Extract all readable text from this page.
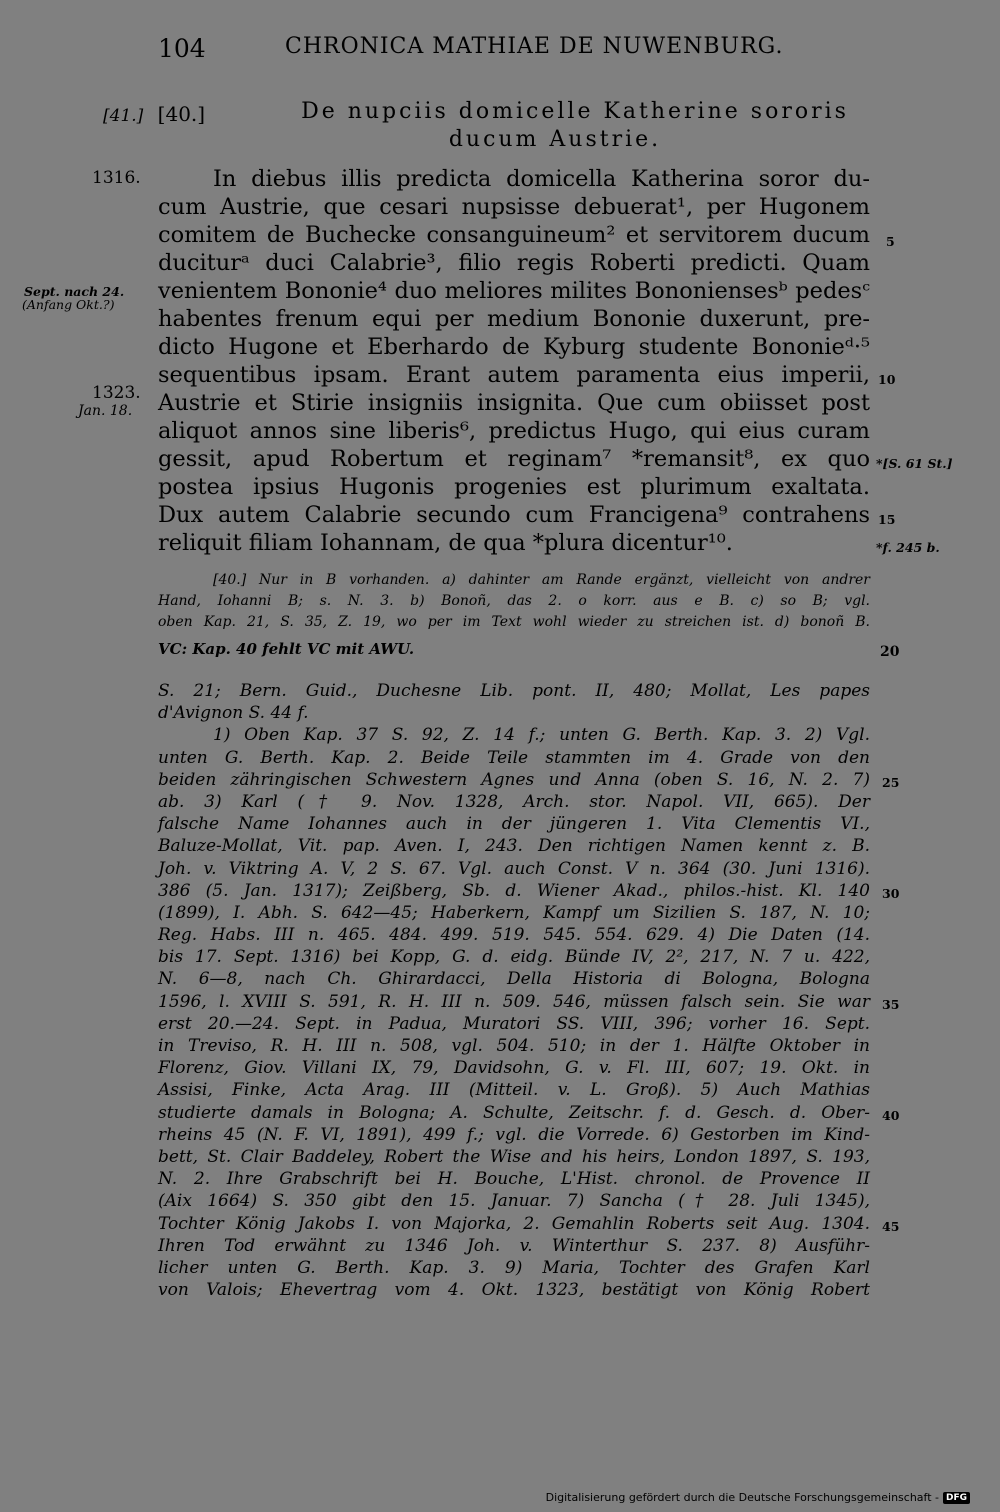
104	CHRONICA MATHIAE DE NUWENBURG.
[41.] [40.]	De nupciis domicelle Katherine sororis
ducum Austrie.
In diebus illis predicta domicella Katherina soror du-
cum Austrie, que cesari nupsisse debuerat¹, per Hugonem
comitem de Buchecke consanguineum² et servitorem ducum
duciturᵃ duci Calabrie³, filio regis Roberti predicti. Quam
venientem Bononie⁴ duo meliores milites Bononiensesᵇ pedesᶜ
habentes frenum equi per medium Bononie duxerunt, pre-
dicto Hugone et Eberhardo de Kyburg studente Bononieᵈ·⁵
sequentibus ipsam. Erant autem paramenta eius imperii,
Austrie et Stirie insigniis insignita. Que cum obiisset post
aliquot annos sine liberis⁶, predictus Hugo, qui eius curam
gessit, apud Robertum et reginam⁷ *remansit⁸, ex quo
postea ipsius Hugonis progenies est plurimum exaltata.
Dux autem Calabrie secundo cum Francigena⁹ contrahens
reliquit filiam Iohannam, de qua *plura dicentur¹⁰.
1316.
Sept. nach 24.
(Anfang Okt.?)
1323.
Jan. 18.
5
10
*[S. 61 St.]
15
*f. 245 b.
[40.] Nur in B vorhanden. a) dahinter am Rande ergänzt, vielleicht von andrer
Hand, Iohanni B; s. N. 3. b) Bonoñ, das 2. o korr. aus e B. c) so B; vgl.
oben Kap. 21, S. 35, Z. 19, wo per im Text wohl wieder zu streichen ist. d) bonoñ B.
VC: Kap. 40 fehlt VC mit AWU.	20
S. 21; Bern. Guid., Duchesne Lib. pont. II, 480; Mollat, Les papes
d'Avignon S. 44 f.
1) Oben Kap. 37 S. 92, Z. 14 f.; unten G. Berth. Kap. 3. 2) Vgl.
unten G. Berth. Kap. 2. Beide Teile stammten im 4. Grade von den
beiden zähringischen Schwestern Agnes und Anna (oben S. 16, N. 2. 7)
ab. 3) Karl († 9. Nov. 1328, Arch. stor. Napol. VII, 665). Der
falsche Name Iohannes auch in der jüngeren 1. Vita Clementis VI.,
Baluze-Mollat, Vit. pap. Aven. I, 243. Den richtigen Namen kennt z. B.
Joh. v. Viktring A. V, 2 S. 67. Vgl. auch Const. V n. 364 (30. Juni 1316).
386 (5. Jan. 1317); Zeißberg, Sb. d. Wiener Akad., philos.-hist. Kl. 140
(1899), I. Abh. S. 642—45; Haberkern, Kampf um Sizilien S. 187, N. 10;
Reg. Habs. III n. 465. 484. 499. 519. 545. 554. 629. 4) Die Daten (14.
bis 17. Sept. 1316) bei Kopp, G. d. eidg. Bünde IV, 2², 217, N. 7 u. 422,
N. 6—8, nach Ch. Ghirardacci, Della Historia di Bologna, Bologna
1596, l. XVIII S. 591, R. H. III n. 509. 546, müssen falsch sein. Sie war
erst 20.—24. Sept. in Padua, Muratori SS. VIII, 396; vorher 16. Sept.
in Treviso, R. H. III n. 508, vgl. 504. 510; in der 1. Hälfte Oktober in
Florenz, Giov. Villani IX, 79, Davidsohn, G. v. Fl. III, 607; 19. Okt. in
Assisi, Finke, Acta Arag. III (Mitteil. v. L. Groß). 5) Auch Mathias
studierte damals in Bologna; A. Schulte, Zeitschr. f. d. Gesch. d. Ober-
rheins 45 (N. F. VI, 1891), 499 f.; vgl. die Vorrede. 6) Gestorben im Kind-
bett, St. Clair Baddeley, Robert the Wise and his heirs, London 1897, S. 193,
N. 2. Ihre Grabschrift bei H. Bouche, L'Hist. chronol. de Provence II
(Aix 1664) S. 350 gibt den 15. Januar. 7) Sancha († 28. Juli 1345),
Tochter König Jakobs I. von Majorka, 2. Gemahlin Roberts seit Aug. 1304.
Ihren Tod erwähnt zu 1346 Joh. v. Winterthur S. 237. 8) Ausführ-
licher unten G. Berth. Kap. 3. 9) Maria, Tochter des Grafen Karl
von Valois; Ehevertrag vom 4. Okt. 1323, bestätigt von König Robert
25
30
35
40
45
Digitalisierung gefördert durch die Deutsche Forschungsgemeinschaft - DFG
